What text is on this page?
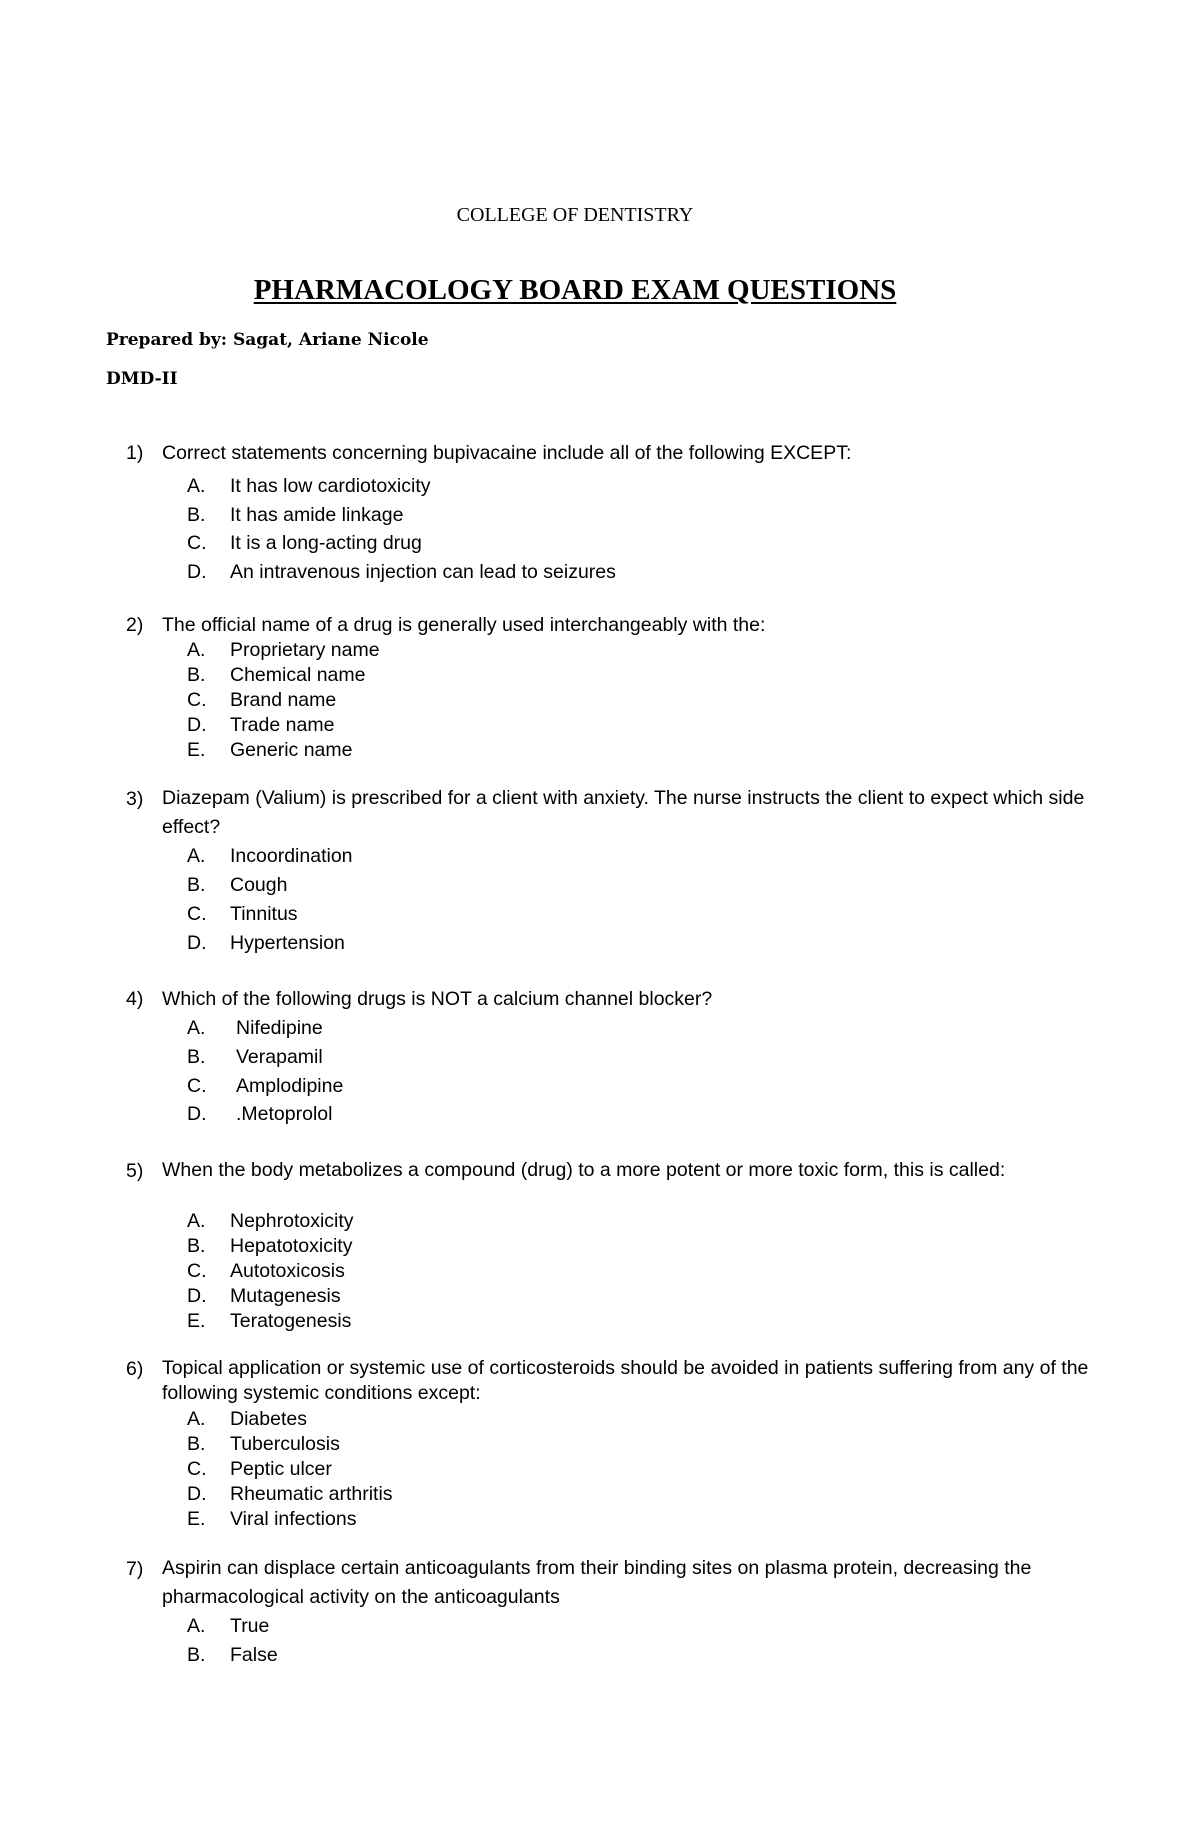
COLLEGE OF DENTISTRY
PHARMACOLOGY BOARD EXAM QUESTIONS
Prepared by: Sagat, Ariane Nicole
DMD-II
1) Correct statements concerning bupivacaine include all of the following EXCEPT:
A. It has low cardiotoxicity
B. It has amide linkage
C. It is a long-acting drug
D. An intravenous injection can lead to seizures
2) The official name of a drug is generally used interchangeably with the:
A. Proprietary name
B. Chemical name
C. Brand name
D. Trade name
E. Generic name
3) Diazepam (Valium) is prescribed for a client with anxiety. The nurse instructs the client to expect which side effect?
A. Incoordination
B. Cough
C. Tinnitus
D. Hypertension
4) Which of the following drugs is NOT a calcium channel blocker?
A. Nifedipine
B. Verapamil
C. Amplodipine
D. .Metoprolol
5) When the body metabolizes a compound (drug) to a more potent or more toxic form, this is called:
A. Nephrotoxicity
B. Hepatotoxicity
C. Autotoxicosis
D. Mutagenesis
E. Teratogenesis
6) Topical application or systemic use of corticosteroids should be avoided in patients suffering from any of the following systemic conditions except:
A. Diabetes
B. Tuberculosis
C. Peptic ulcer
D. Rheumatic arthritis
E. Viral infections
7) Aspirin can displace certain anticoagulants from their binding sites on plasma protein, decreasing the pharmacological activity on the anticoagulants
A. True
B. False
